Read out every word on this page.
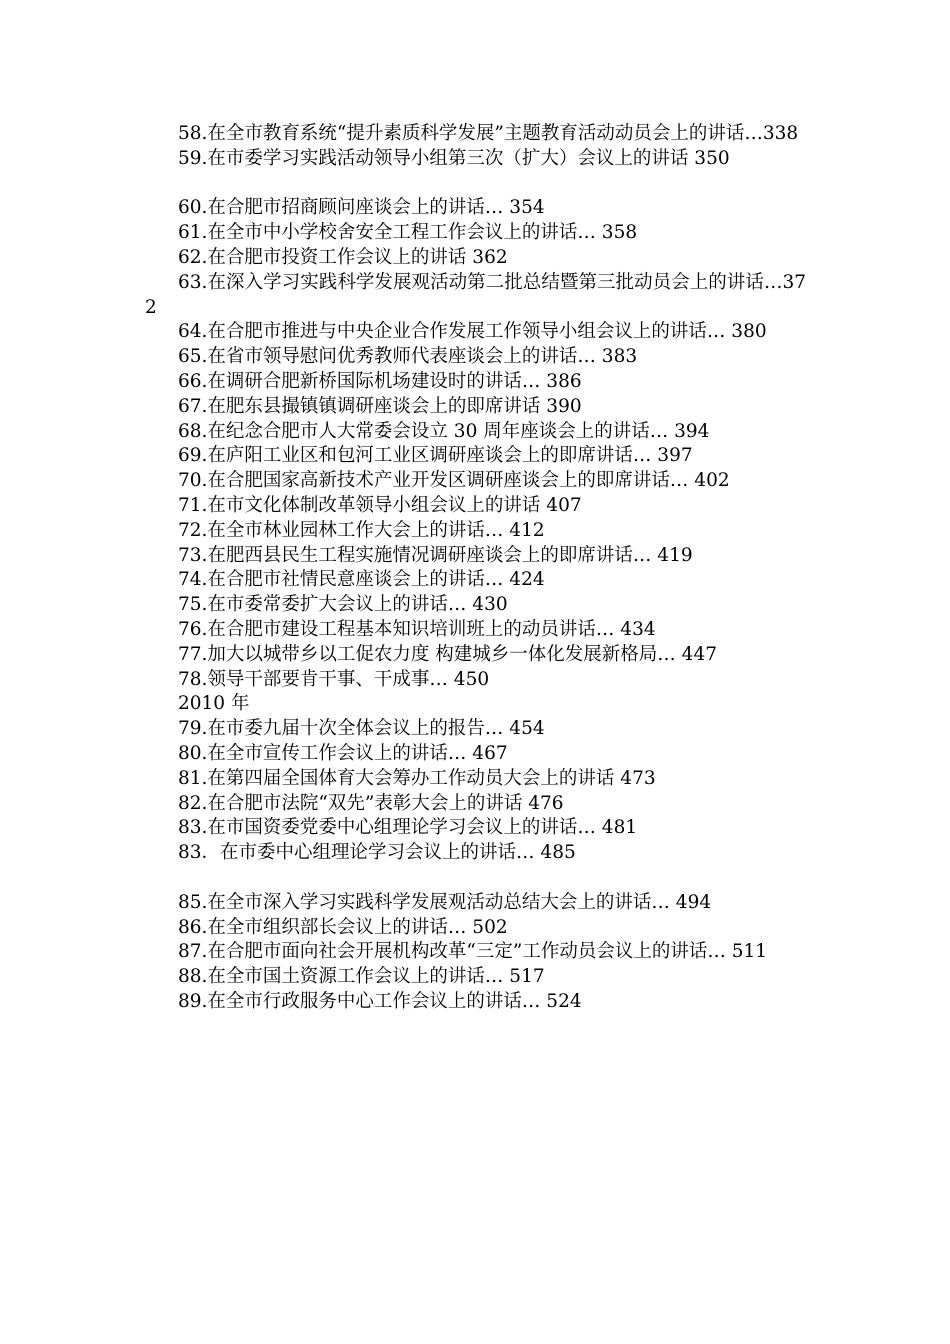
58.在全市教育系统“提升素质科学发展”主题教育活动动员会上的讲话…338

59.在市委学习实践活动领导小组第三次（扩大）会议上的讲话 350

60.在合肥市招商顾问座谈会上的讲话… 354

61.在全市中小学校舍安全工程工作会议上的讲话… 358

62.在合肥市投资工作会议上的讲话 362

63.在深入学习实践科学发展观活动第二批总结暨第三批动员会上的讲话…372

64.在合肥市推进与中央企业合作发展工作领导小组会议上的讲话… 380

65.在省市领导慰问优秀教师代表座谈会上的讲话… 383

66.在调研合肥新桥国际机场建设时的讲话… 386

67.在肥东县撮镇镇调研座谈会上的即席讲话 390

68.在纪念合肥市人大常委会设立 30 周年座谈会上的讲话… 394

69.在庐阳工业区和包河工业区调研座谈会上的即席讲话… 397

70.在合肥国家高新技术产业开发区调研座谈会上的即席讲话… 402

71.在市文化体制改革领导小组会议上的讲话 407

72.在全市林业园林工作大会上的讲话… 412

73.在肥西县民生工程实施情况调研座谈会上的即席讲话… 419

74.在合肥市社情民意座谈会上的讲话… 424

75.在市委常委扩大会议上的讲话… 430

76.在合肥市建设工程基本知识培训班上的动员讲话… 434

77.加大以城带乡以工促农力度 构建城乡一体化发展新格局… 447

78.领导干部要肯干事、干成事… 450

2010 年

79.在市委九届十次全体会议上的报告… 454

80.在全市宣传工作会议上的讲话… 467

81.在第四届全国体育大会筹办工作动员大会上的讲话 473

82.在合肥市法院“双先”表彰大会上的讲话 476

83.在市国资委党委中心组理论学习会议上的讲话… 481

83．在市委中心组理论学习会议上的讲话… 485

85.在全市深入学习实践科学发展观活动总结大会上的讲话… 494

86.在全市组织部长会议上的讲话… 502

87.在合肥市面向社会开展机构改革“三定”工作动员会议上的讲话… 511

88.在全市国土资源工作会议上的讲话… 517

89.在全市行政服务中心工作会议上的讲话… 524
